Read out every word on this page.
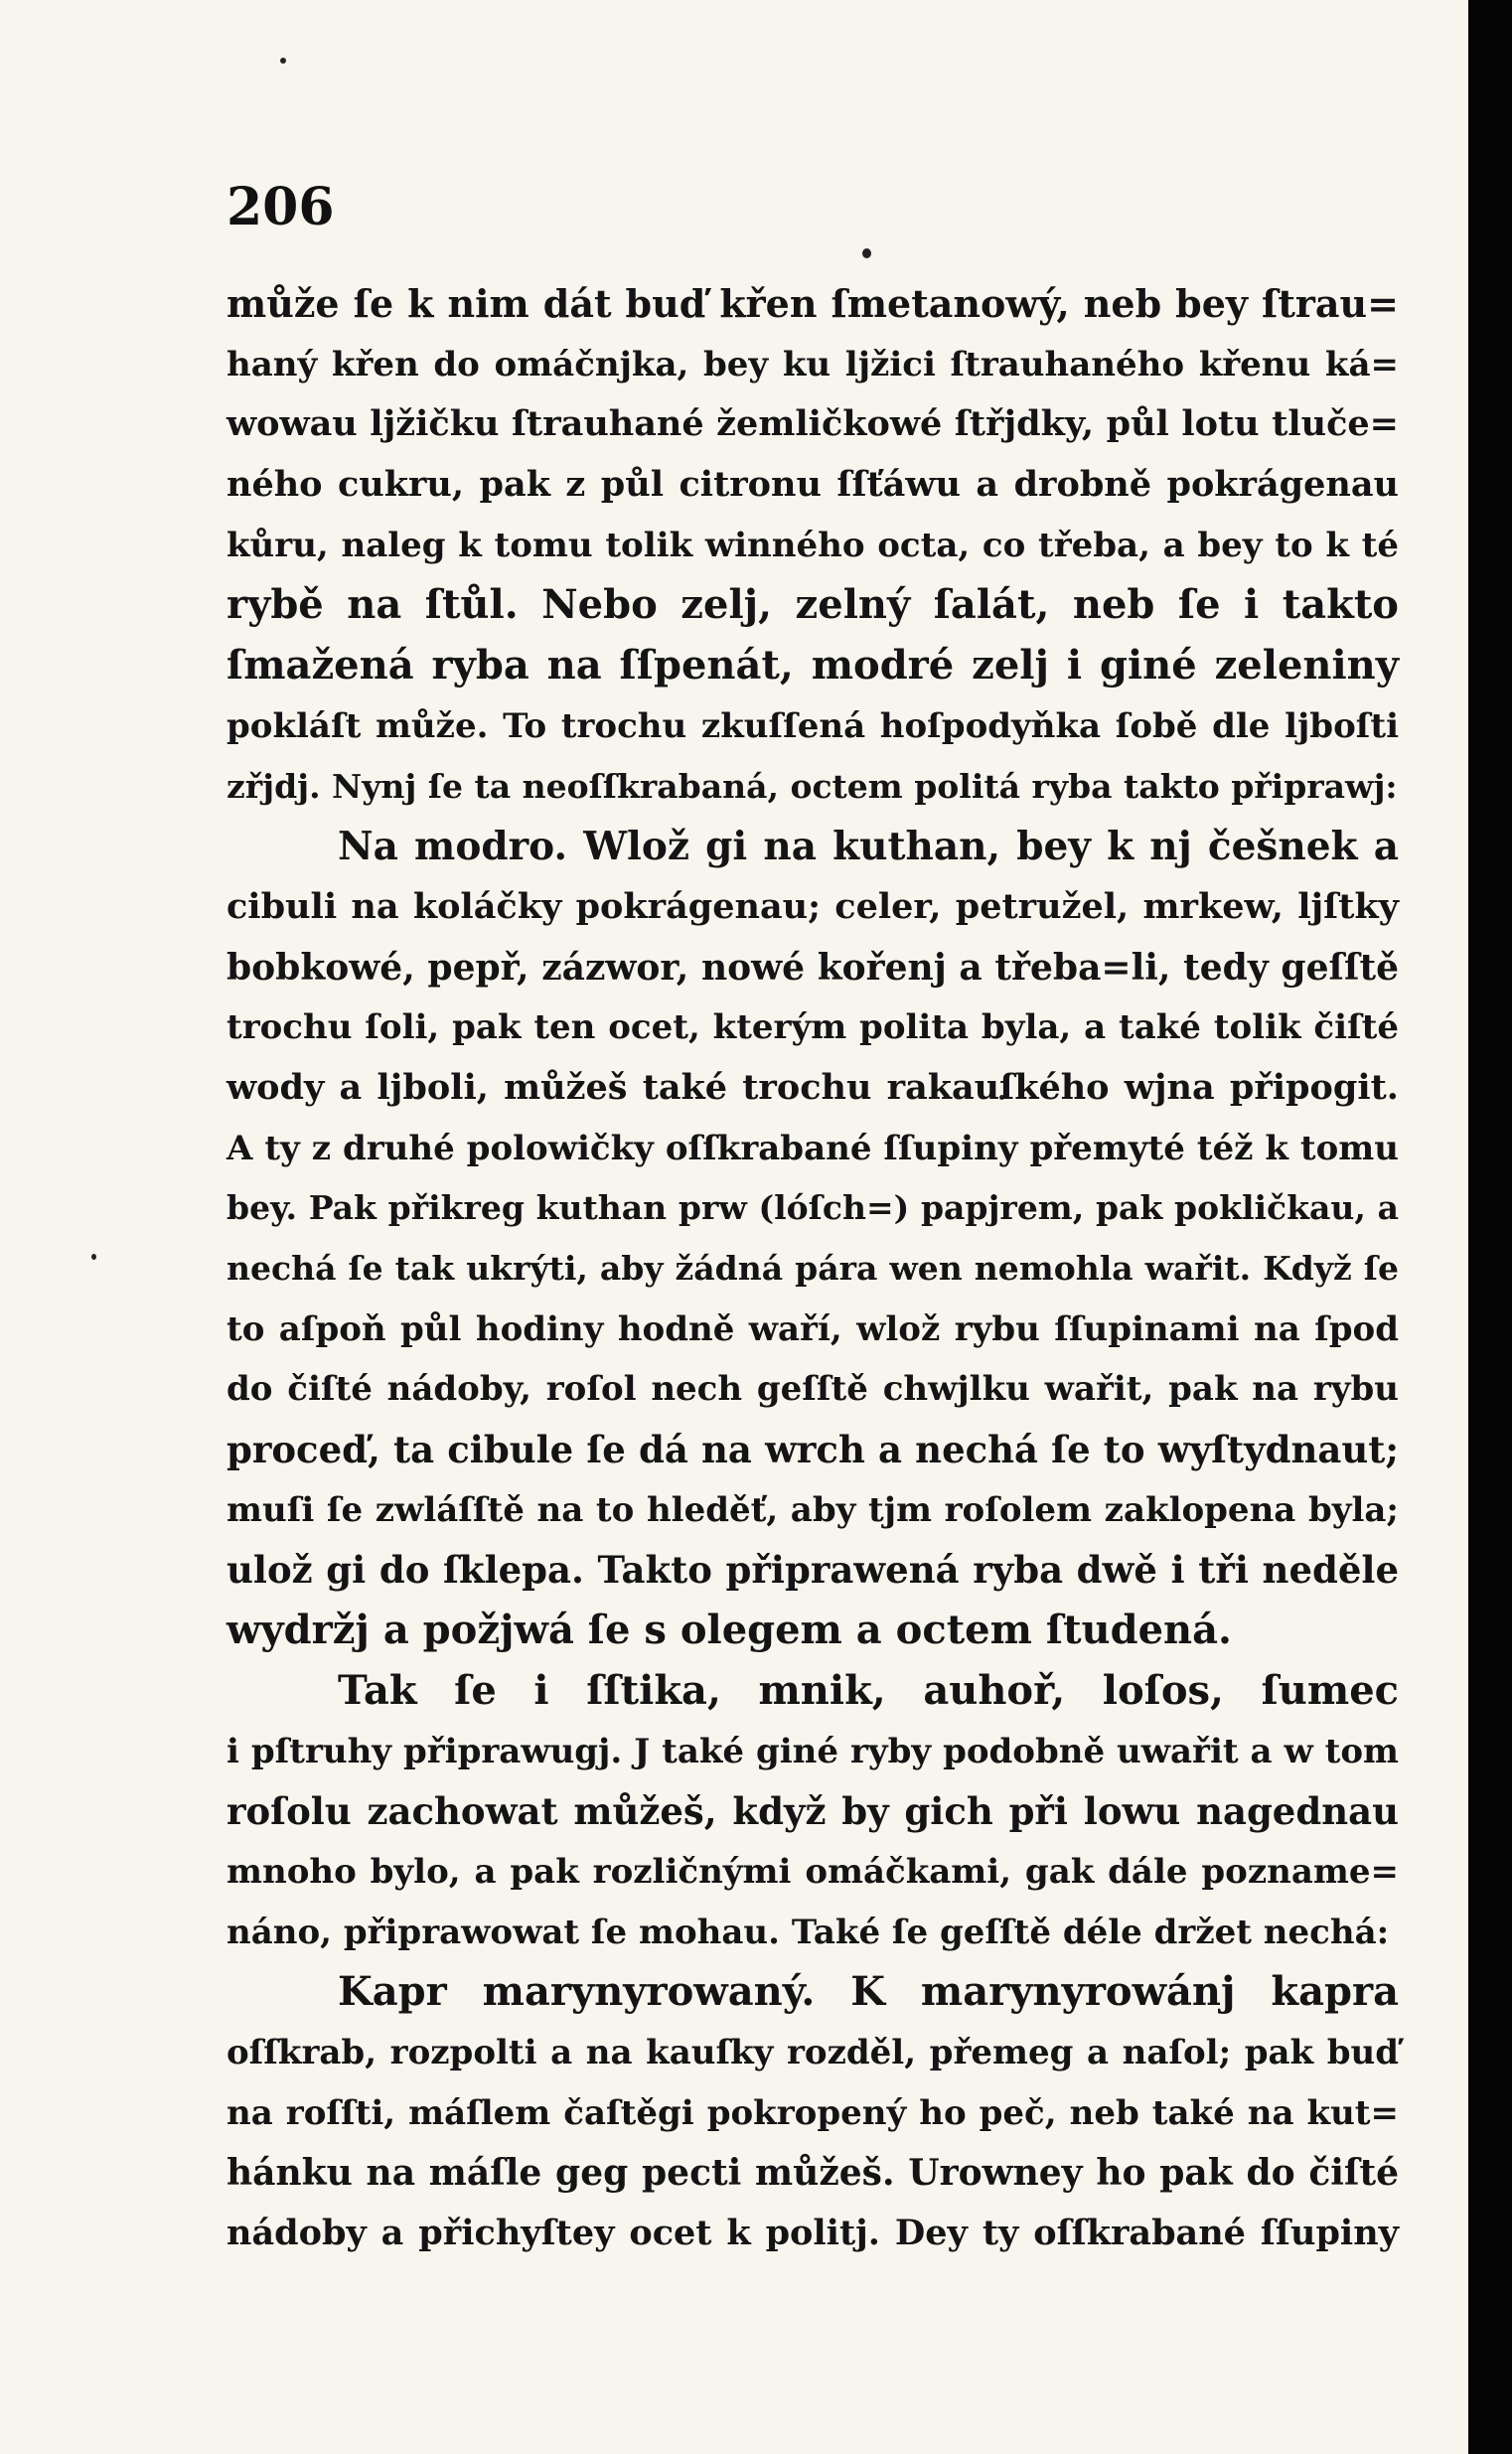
206
může ſe k nim dát buď křen ſmetanowý, neb bey ſtrau=
haný křen do omáčnjka, bey ku ljžici ſtrauhaného křenu ká=
wowau ljžičku ſtrauhané žemličkowé ſtřjdky, půl lotu tluče=
ného cukru, pak z půl citronu ſſťáwu a drobně pokrágenau
kůru, naleg k tomu tolik winného octa, co třeba, a bey to k té
rybě na ſtůl. Nebo zelj, zelný ſalát, neb ſe i takto
ſmažená ryba na ſſpenát, modré zelj i giné zeleniny
pokláſt může. To trochu zkuſſená hoſpodyňka ſobě dle ljboſti
zřjdj. Nynj ſe ta neoſſkrabaná, octem politá ryba takto připrawj:
Na modro. Wlož gi na kuthan, bey k nj češnek a
cibuli na koláčky pokrágenau; celer, petružel, mrkew, ljſtky
bobkowé, pepř, zázwor, nowé kořenj a třeba=li, tedy geſſtě
trochu ſoli, pak ten ocet, kterým polita byla, a také tolik čiſté
wody a ljboli, můžeš také trochu rakauſkého wjna připogit.
A ty z druhé polowičky oſſkrabané ſſupiny přemyté též k tomu
bey. Pak přikreg kuthan prw (lóſch=) papjrem, pak pokličkau, a
nechá ſe tak ukrýti, aby žádná pára wen nemohla wařit. Když ſe
to aſpoň půl hodiny hodně waří, wlož rybu ſſupinami na ſpod
do čiſté nádoby, roſol nech geſſtě chwjlku wařit, pak na rybu
proceď, ta cibule ſe dá na wrch a nechá ſe to wyſtydnaut;
muſi ſe zwláſſtě na to hleděť, aby tjm roſolem zaklopena byla;
ulož gi do ſklepa. Takto připrawená ryba dwě i tři neděle
wydržj a požjwá ſe s olegem a octem ſtudená.
Tak ſe i ſſtika, mnik, auhoř, loſos, ſumec
i pſtruhy připrawugj. J také giné ryby podobně uwařit a w tom
roſolu zachowat můžeš, když by gich při lowu nagednau
mnoho bylo, a pak rozličnými omáčkami, gak dále pozname=
náno, připrawowat ſe mohau. Také ſe geſſtě déle držet nechá:
Kapr marynyrowaný. K marynyrowánj kapra
oſſkrab, rozpolti a na kauſky rozděl, přemeg a naſol; pak buď
na roſſti, máſlem čaſtěgi pokropený ho peč, neb také na kut=
hánku na máſle geg pecti můžeš. Urowney ho pak do čiſté
nádoby a přichyſtey ocet k politj. Dey ty oſſkrabané ſſupiny
